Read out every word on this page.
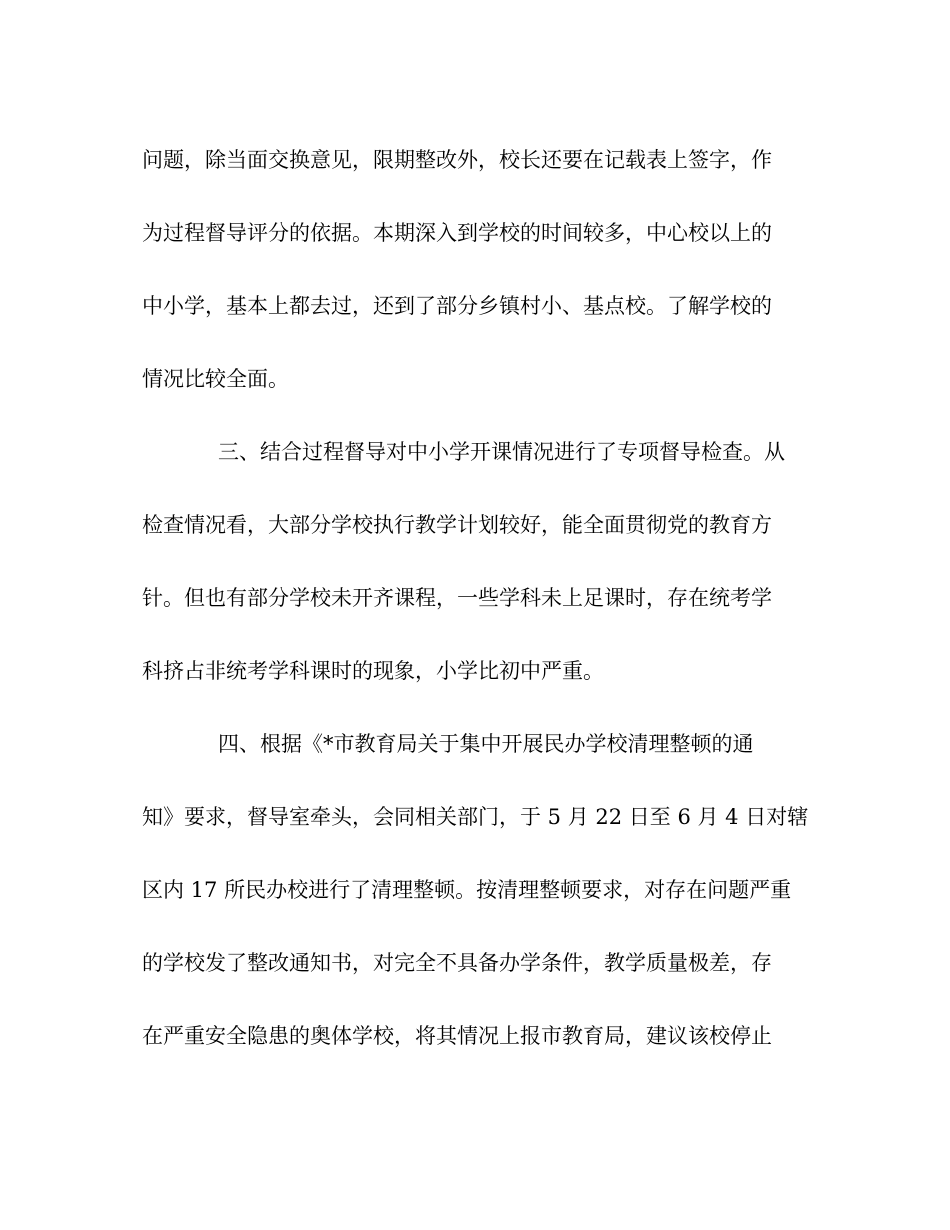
问题，除当面交换意见，限期整改外，校长还要在记载表上签字，作
为过程督导评分的依据。本期深入到学校的时间较多，中心校以上的
中小学，基本上都去过，还到了部分乡镇村小、基点校。了解学校的
情况比较全面。
三、结合过程督导对中小学开课情况进行了专项督导检查。从
检查情况看，大部分学校执行教学计划较好，能全面贯彻党的教育方
针。但也有部分学校未开齐课程，一些学科未上足课时，存在统考学
科挤占非统考学科课时的现象，小学比初中严重。
四、根据《*市教育局关于集中开展民办学校清理整顿的通
知》要求，督导室牵头，会同相关部门，于 5 月 22 日至 6 月 4 日对辖
区内 17 所民办校进行了清理整顿。按清理整顿要求，对存在问题严重
的学校发了整改通知书，对完全不具备办学条件，教学质量极差，存
在严重安全隐患的奥体学校，将其情况上报市教育局，建议该校停止
